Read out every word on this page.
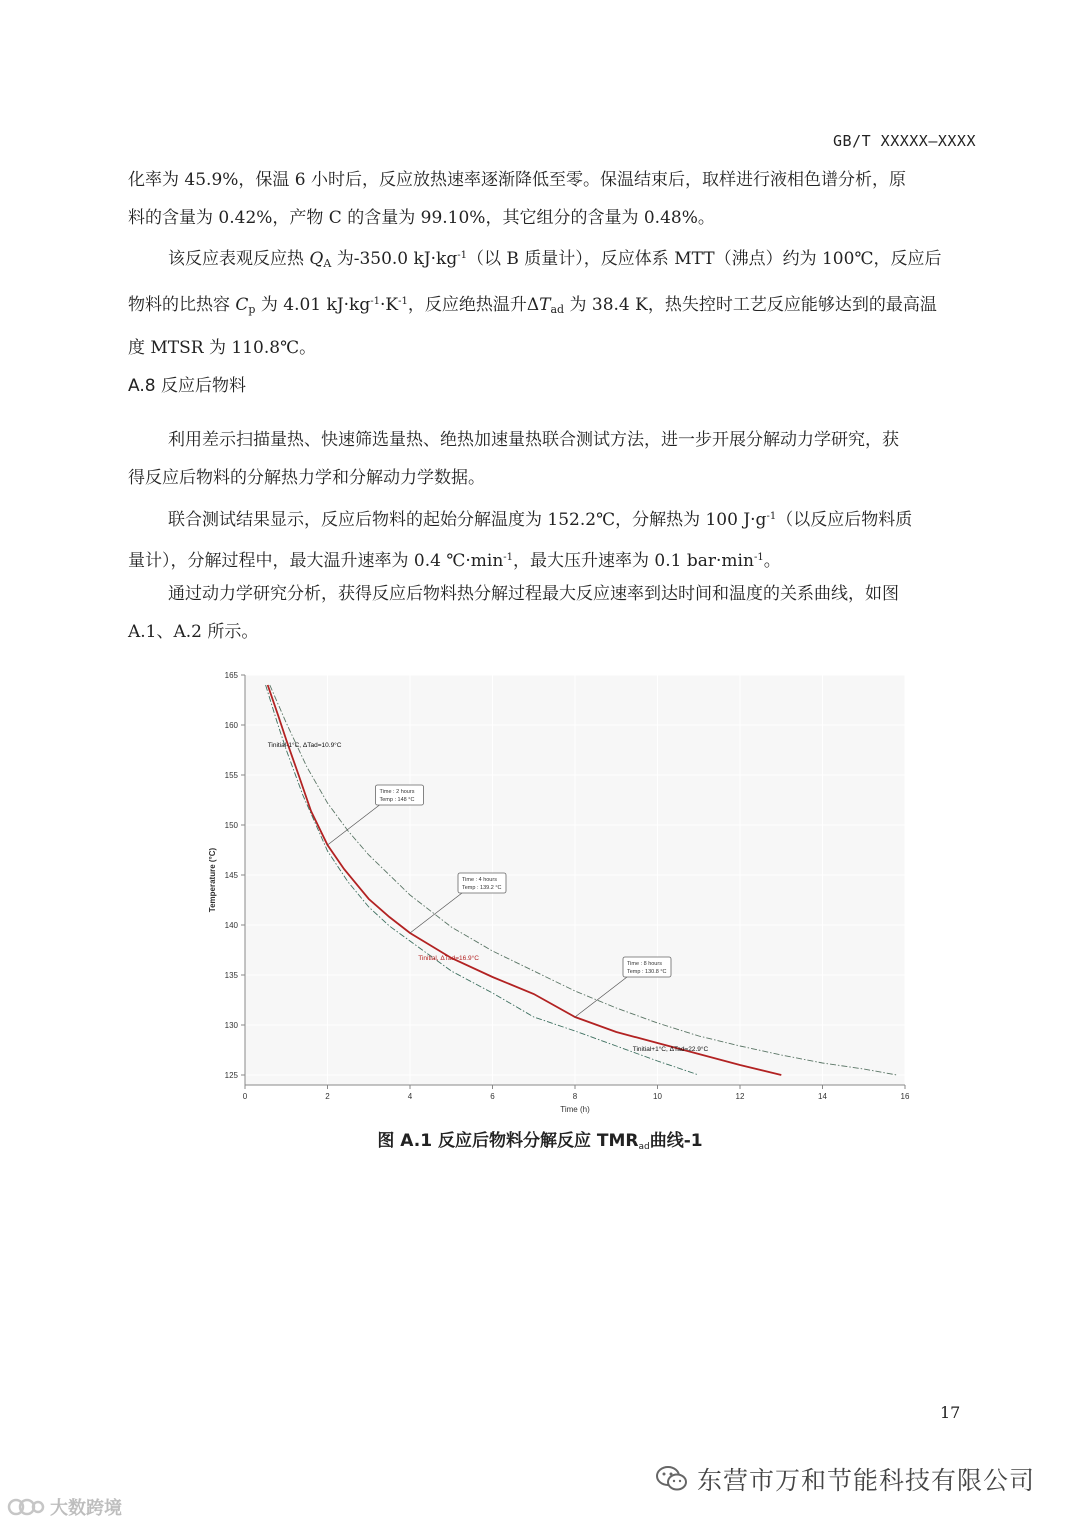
GB/T XXXXX—XXXX

化率为 45.9%，保温 6 小时后，反应放热速率逐渐降低至零。保温结束后，取样进行液相色谱分析，原
料的含量为 0.42%，产物 C 的含量为 99.10%，其它组分的含量为 0.48%。

该反应表观反应热 $Q_A$ 为-350.0 $kJ\cdot kg^{-1}$（以 B 质量计），反应体系 MTT（沸点）约为 100℃，反应后
物料的比热容 $C_p$ 为 4.01 $kJ\cdot kg^{-1}\cdot K^{-1}$，反应绝热温升$\Delta T_{ad}$ 为 38.4 K，热失控时工艺反应能够达到的最高温
度 MTSR 为 110.8℃。

A.8 反应后物料

利用差示扫描量热、快速筛选量热、绝热加速量热联合测试方法，进一步开展分解动力学研究，获
得反应后物料的分解热力学和分解动力学数据。

联合测试结果显示，反应后物料的起始分解温度为 152.2℃，分解热为 100 $J\cdot g^{-1}$（以反应后物料质
量计），分解过程中，最大温升速率为 0.4 $℃\cdot\min^{-1}$，最大压升速率为 0.1 $bar\cdot\min^{-1}$。

通过动力学研究分析，获得反应后物料热分解过程最大反应速率到达时间和温度的关系曲线，如图
A.1、A.2 所示。

0	2	4	6	8	10	12	14	16
125
130
135
140
145
150
155
160
165
Time (h)
Temperature (°C)
Tinitial-1°C, ΔTad=10.9°C
Tinitial, ΔTad=16.9°C
Tinitial+1°C, ΔTad=22.9°C
Time : 2 hours
Temp : 148 °C
Time : 4 hours
Temp : 139.2 °C
Time : 8 hours
Temp : 130.8 °C
图 A.1 反应后物料分解反应 $TMR_{ad}$曲线-1
17
东营市万和节能科技有限公司
大数跨境
